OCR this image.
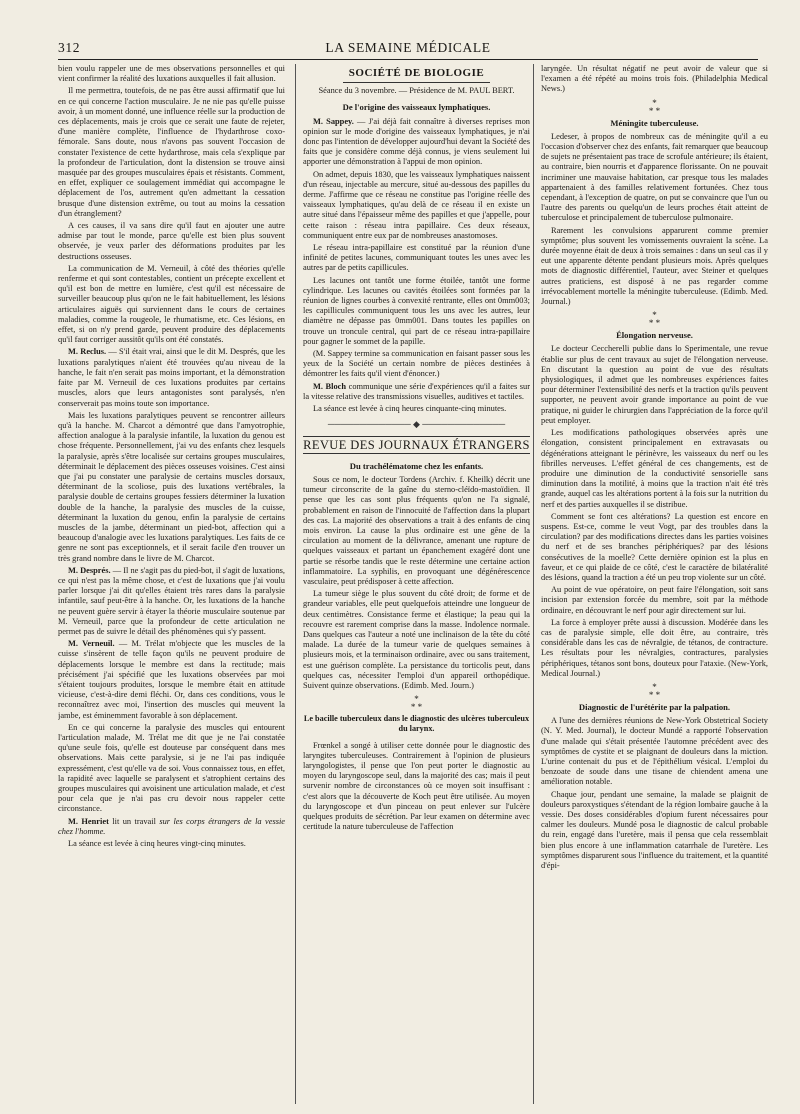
312	LA SEMAINE MÉDICALE

bien voulu rappeler une de mes observations personnelles et qui vient confirmer la réalité des luxations auxquelles il fait allusion.

Il me permettra, toutefois, de ne pas être aussi affirmatif que lui en ce qui concerne l'action musculaire. Je ne nie pas qu'elle puisse avoir, à un moment donné, une influence réelle sur la production de ces déplacements, mais je crois que ce serait une faute de rejeter, d'une manière complète, l'influence de l'hydarthrose coxo-fémorale. Sans doute, nous n'avons pas souvent l'occasion de constater l'existence de cette hydarthrose, mais cela s'explique par la profondeur de l'articulation, dont la distension se trouve ainsi masquée par des groupes musculaires épais et résistants. Comment, en effet, expliquer ce soulagement immédiat qui accompagne le déplacement de l'os, autrement qu'en admettant la cessation brusque d'une distension extrême, ou tout au moins la cessation d'un étranglement?

A ces causes, il va sans dire qu'il faut en ajouter une autre admise par tout le monde, parce qu'elle est bien plus souvent observée, je veux parler des déformations produites par les destructions osseuses.

La communication de M. Verneuil, à côté des théories qu'elle renferme et qui sont contestables, contient un précepte excellent et qu'il est bon de mettre en lumière, c'est qu'il est nécessaire de surveiller beaucoup plus qu'on ne le fait habituellement, les lésions articulaires aiguës qui surviennent dans le cours de certaines maladies, comme la rougeole, le rhumatisme, etc. Ces lésions, en effet, si on n'y prend garde, peuvent produire des déplacements qu'il faut corriger aussitôt qu'ils ont été constatés.

M. Reclus. — S'il était vrai, ainsi que le dit M. Després, que les luxations paralytiques n'aient été trouvées qu'au niveau de la hanche, le fait n'en serait pas moins important, et la démonstration faite par M. Verneuil de ces luxations produites par certains muscles, alors que leurs antagonistes sont paralysés, n'en conserverait pas moins toute son importance.

Mais les luxations paralytiques peuvent se rencontrer ailleurs qu'à la hanche. M. Charcot a démontré que dans l'amyotrophie, affection analogue à la paralysie infantile, la luxation du genou est chose fréquente. Personnellement, j'ai vu des enfants chez lesquels la paralysie, après s'être localisée sur certains groupes musculaires, déterminait le déplacement des pièces osseuses voisines. C'est ainsi que j'ai pu constater une paralysie de certains muscles dorsaux, déterminant de la scoliose, puis des luxations vertébrales, la paralysie double de certains groupes fessiers déterminer la luxation double de la hanche, la paralysie des muscles de la cuisse, déterminant la luxation du genou, enfin la paralysie de certains muscles de la jambe, déterminant un pied-bot, affection qui a beaucoup d'analogie avec les luxations paralytiques. Les faits de ce genre ne sont pas exceptionnels, et il serait facile d'en trouver un très grand nombre dans le livre de M. Charcot.

M. Després. — Il ne s'agit pas du pied-bot, il s'agit de luxations, ce qui n'est pas la même chose, et c'est de luxations que j'ai voulu parler lorsque j'ai dit qu'elles étaient très rares dans la paralysie infantile, sauf peut-être à la hanche. Or, les luxations de la hanche ne peuvent guère servir à étayer la théorie musculaire soutenue par M. Verneuil, parce que la profondeur de cette articulation ne permet pas de suivre le détail des phénomènes qui s'y passent.

M. Verneuil. — M. Trélat m'objecte que les muscles de la cuisse s'insèrent de telle façon qu'ils ne peuvent produire de déplacements lorsque le membre est dans la rectitude; mais précisément j'ai spécifié que les luxations observées par moi s'étaient toujours produites, lorsque le membre était en attitude vicieuse, c'est-à-dire demi fléchi. Or, dans ces conditions, vous le reconnaîtrez avec moi, l'insertion des muscles qui meuvent la jambe, est éminemment favorable à son déplacement.

En ce qui concerne la paralysie des muscles qui entourent l'articulation malade, M. Trélat me dit que je ne l'ai constatée qu'une seule fois, qu'elle est douteuse par conséquent dans mes observations. Mais cette paralysie, si je ne l'ai pas indiquée expressément, c'est qu'elle va de soi. Vous connaissez tous, en effet, la rapidité avec laquelle se paralysent et s'atrophient certains des groupes musculaires qui avoisinent une articulation malade, et c'est pour cela que je n'ai pas cru devoir nous rappeler cette circonstance.

M. Henriet lit un travail sur les corps étrangers de la vessie chez l'homme.

La séance est levée à cinq heures vingt-cinq minutes.

SOCIÉTÉ DE BIOLOGIE
Séance du 3 novembre. — Présidence de M. PAUL BERT.
De l'origine des vaisseaux lymphatiques.

M. Sappey. — J'ai déjà fait connaître à diverses reprises mon opinion sur le mode d'origine des vaisseaux lymphatiques, je n'ai donc pas l'intention de développer aujourd'hui devant la Société des faits que je considère comme déjà connus, je viens seulement lui apporter une démonstration à l'appui de mon opinion.

On admet, depuis 1830, que les vaisseaux lymphatiques naissent d'un réseau, injectable au mercure, situé au-dessous des papilles du derme. J'affirme que ce réseau ne constitue pas l'origine réelle des vaisseaux lymphatiques, qu'au delà de ce réseau il en existe un autre situé dans l'épaisseur même des papilles et que j'appelle, pour cette raison : réseau intra papillaire. Ces deux réseaux, communiquent entre eux par de nombreuses anastomoses.

Le réseau intra-papillaire est constitué par la réunion d'une infinité de petites lacunes, communiquant toutes les unes avec les autres par de petits capillicules.

Les lacunes ont tantôt une forme étoilée, tantôt une forme cylindrique. Les lacunes ou cavités étoilées sont formées par la réunion de lignes courbes à convexité rentrante, elles ont 0mm003; les capillicules communiquent tous les uns avec les autres, leur diamètre ne dépasse pas 0mm001. Dans toutes les papilles on trouve un troncule central, qui part de ce réseau intra-papillaire pour gagner le sommet de la papille.

(M. Sappey termine sa communication en faisant passer sous les yeux de la Société un certain nombre de pièces destinées à démontrer les faits qu'il vient d'énoncer.)

M. Bloch communique une série d'expériences qu'il a faites sur la vitesse relative des transmissions visuelles, auditives et tactiles.

La séance est levée à cinq heures cinquante-cinq minutes.

───────────── ◆ ─────────────
REVUE DES JOURNAUX ÉTRANGERS
Du trachélématome chez les enfants.

Sous ce nom, le docteur Tordens (Archiv. f. Kheilk) décrit une tumeur circonscrite de la gaîne du sterno-cléïdo-mastoïdien. Il pense que les cas sont plus fréquents qu'on ne l'a signalé, probablement en raison de l'innocuité de l'affection dans la plupart des cas. La majorité des observations a trait à des enfants de cinq mois environ. La cause la plus ordinaire est une gêne de la circulation au moment de la délivrance, amenant une rupture de quelques vaisseaux et partant un épanchement exagéré dont une partie se résorbe tandis que le reste détermine une certaine action inflammatoire. La syphilis, en provoquant une dégénérescence vasculaire, peut prédisposer à cette affection.

La tumeur siège le plus souvent du côté droit; de forme et de grandeur variables, elle peut quelquefois atteindre une longueur de deux centimètres. Consistance ferme et élastique; la peau qui la recouvre est rarement comprise dans la masse. Indolence normale. Dans quelques cas l'auteur a noté une inclinaison de la tête du côté malade. La durée de la tumeur varie de quelques semaines à plusieurs mois, et la terminaison ordinaire, avec ou sans traitement, est une guérison complète. La persistance du torticolis peut, dans quelques cas, nécessiter l'emploi d'un appareil orthopédique. Suivent quinze observations. (Edimb. Med. Journ.)

*
* *
Le bacille tuberculeux dans le diagnostic des ulcères tuberculeux du larynx.

Frœnkel a songé à utiliser cette donnée pour le diagnostic des laryngites tuberculeuses. Contrairement à l'opinion de plusieurs laryngologistes, il pense que l'on peut porter le diagnostic au moyen du laryngoscope seul, dans la majorité des cas; mais il peut survenir nombre de circonstances où ce moyen soit insuffisant : c'est alors que la découverte de Koch peut être utilisée. Au moyen du laryngoscope et d'un pinceau on peut enlever sur l'ulcère quelques produits de sécrétion. Par leur examen on détermine avec certitude la nature tuberculeuse de l'affection

laryngée. Un résultat négatif ne peut avoir de valeur que si l'examen a été répété au moins trois fois. (Philadelphia Medical News.)

*
* *
Méningite tuberculeuse.

Ledeser, à propos de nombreux cas de méningite qu'il a eu l'occasion d'observer chez des enfants, fait remarquer que beaucoup de sujets ne présentaient pas trace de scrofule antérieure; ils étaient, au contraire, bien nourris et d'apparence florissante. On ne pouvait incriminer une mauvaise habitation, car presque tous les malades appartenaient à des familles relativement fortunées. Chez tous cependant, à l'exception de quatre, on put se convaincre que l'un ou l'autre des parents ou quelqu'un de leurs proches était atteint de tuberculose et principalement de tuberculose pulmonaire.

Rarement les convulsions apparurent comme premier symptôme; plus souvent les vomissements ouvraient la scène. La durée moyenne était de deux à trois semaines : dans un seul cas il y eut une apparente détente pendant plusieurs mois. Après quelques mots de diagnostic différentiel, l'auteur, avec Steiner et quelques autres praticiens, est disposé à ne pas regarder comme irrévocablement mortelle la méningite tuberculeuse. (Edimb. Med. Journal.)

*
* *
Élongation nerveuse.

Le docteur Ceccherelli publie dans lo Sperimentale, une revue établie sur plus de cent travaux au sujet de l'élongation nerveuse. En discutant la question au point de vue des résultats physiologiques, il admet que les nombreuses expériences faites pour déterminer l'extensibilité des nerfs et la traction qu'ils peuvent supporter, ne peuvent avoir grande importance au point de vue pratique, ni guider le chirurgien dans l'appréciation de la force qu'il peut employer.

Les modifications pathologiques observées après une élongation, consistent principalement en extravasats ou dégénérations atteignant le périnèvre, les vaisseaux du nerf ou les fibrilles nerveuses. L'effet général de ces changements, est de produire une diminution de la conductivité sensorielle sans diminution dans la motilité, à moins que la traction n'ait été très grande, auquel cas les altérations portent à la fois sur la nutrition du nerf et des parties auxquelles il se distribue.

Comment se font ces altérations? La question est encore en suspens. Est-ce, comme le veut Vogt, par des troubles dans la circulation? par des modifications directes dans les parties voisines du nerf et de ses branches périphériques? par des lésions consécutives de la moelle? Cette dernière opinion est la plus en faveur, et ce qui plaide de ce côté, c'est le caractère de bilatéralité des lésions, quand la traction a été un peu trop violente sur un côté.

Au point de vue opératoire, on peut faire l'élongation, soit sans incision par extension forcée du membre, soit par la méthode ordinaire, en découvrant le nerf pour agir directement sur lui.

La force à employer prête aussi à discussion. Modérée dans les cas de paralysie simple, elle doit être, au contraire, très considérable dans les cas de névralgie, de tétanos, de contracture. Les résultats pour les névralgies, contractures, paralysies périphériques, tétanos sont bons, douteux pour l'ataxie. (New-York, Medical Journal.)

*
* *
Diagnostic de l'urétérite par la palpation.

A l'une des dernières réunions de New-York Obstetrical Society (N. Y. Med. Journal), le docteur Mundé a rapporté l'observation d'une malade qui s'était présentée l'automne précédent avec des symptômes de cystite et se plaignant de douleurs dans la miction. L'urine contenait du pus et de l'épithélium vésical. L'emploi du benzoate de soude dans une tisane de chiendent amena une amélioration notable.

Chaque jour, pendant une semaine, la malade se plaignit de douleurs paroxystiques s'étendant de la région lombaire gauche à la vessie. Des doses considérables d'opium furent nécessaires pour calmer les douleurs. Mundé posa le diagnostic de calcul probable du rein, engagé dans l'uretère, mais il pensa que cela ressemblait bien plus encore à une inflammation catarrhale de l'uretère. Les symptômes disparurent sous l'influence du traitement, et la quantité d'épi-
